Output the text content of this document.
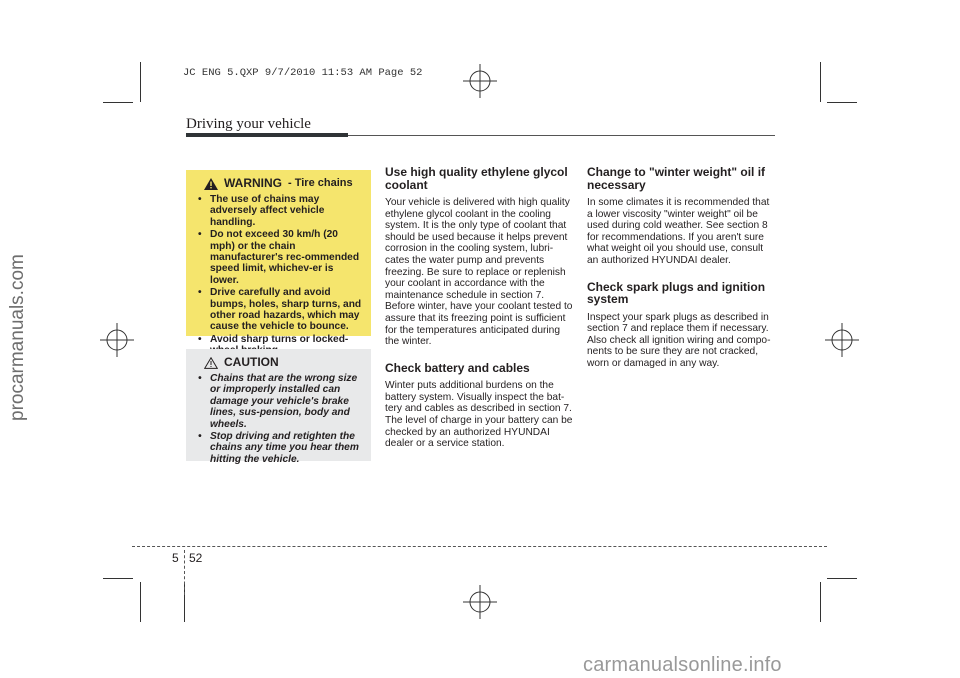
JC ENG 5.QXP 9/7/2010 11:53 AM Page 52
procarmanuals.com
Driving your vehicle
WARNING - Tire chains
• The use of chains may adversely affect vehicle handling.
• Do not exceed 30 km/h (20 mph) or the chain manufacturer's rec-ommended speed limit, whichev-er is lower.
• Drive carefully and avoid bumps, holes, sharp turns, and other road hazards, which may cause the vehicle to bounce.
• Avoid sharp turns or locked-
CAUTION
• Chains that are the wrong size or improperly installed can damage your vehicle's brake lines, sus-pension, body and wheels.
• Stop driving and retighten the chains any time you hear them hitting the vehicle.
Use high quality ethylene glycol coolant

Your vehicle is delivered with high quality ethylene glycol coolant in the cooling system. It is the only type of coolant that should be used because it helps prevent corrosion in the cooling system, lubri-cates the water pump and prevents freezing. Be sure to replace or replenish your coolant in accordance with the maintenance schedule in section 7. Before winter, have your coolant tested to assure that its freezing point is sufficient for the temperatures anticipated during the winter.

Check battery and cables

Winter puts additional burdens on the battery system. Visually inspect the bat-tery and cables as described in section 7. The level of charge in your battery can be checked by an authorized HYUNDAI dealer or a service station.

Change to "winter weight" oil if necessary

In some climates it is recommended that a lower viscosity "winter weight" oil be used during cold weather. See section 8 for recommendations. If you aren't sure what weight oil you should use, consult an authorized HYUNDAI dealer.

Check spark plugs and ignition system

Inspect your spark plugs as described in section 7 and replace them if necessary. Also check all ignition wiring and compo-nents to be sure they are not cracked, worn or damaged in any way.

5 52
carmanualsonline.info
